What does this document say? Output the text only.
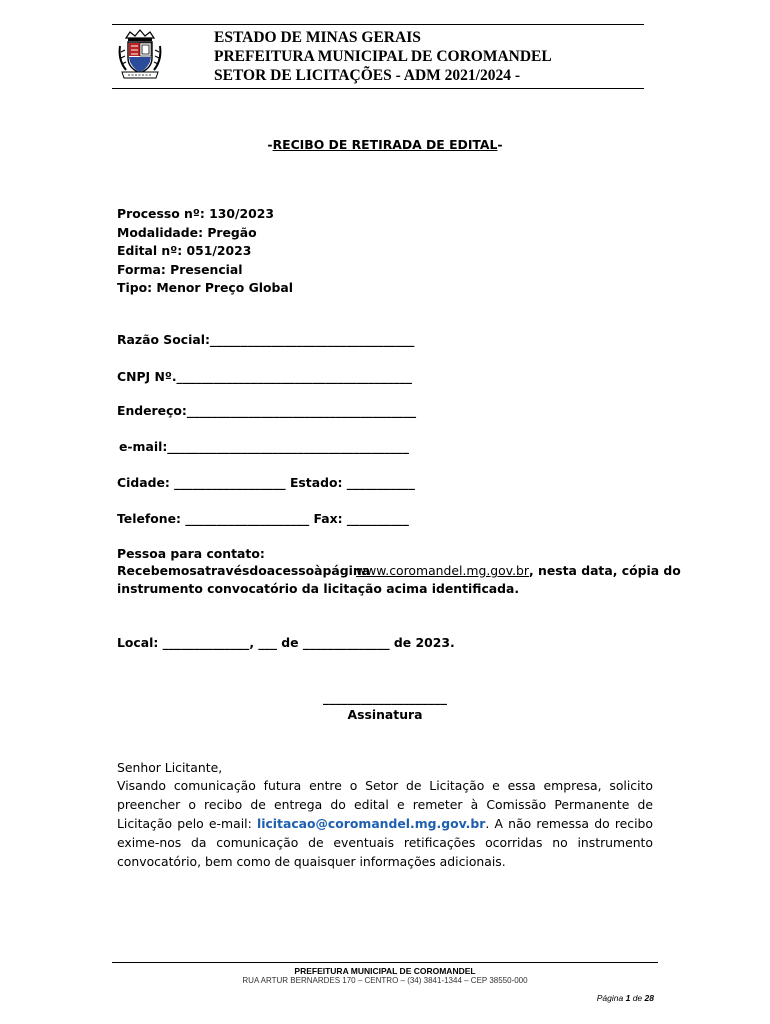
ESTADO DE MINAS GERAIS
PREFEITURA MUNICIPAL DE COROMANDEL
SETOR DE LICITAÇÕES - ADM 2021/2024 -
-RECIBO DE RETIRADA DE EDITAL-
Processo nº: 130/2023
Modalidade: Pregão
Edital nº: 051/2023
Forma: Presencial
Tipo: Menor Preço Global
Razão Social:_________________________________
CNPJ Nº.______________________________________
Endereço:_____________________________________
e-mail:_______________________________________
Cidade: __________________ Estado: ___________
Telefone: ____________________ Fax: __________
Pessoa para contato:
Recebemos através do acesso à página
www.coromandel.mg.gov.br, nesta data, cópia do
instrumento convocatório da licitação acima identificada.
Local: ______________, ___ de ______________ de 2023.
____________________
Assinatura
Senhor Licitante,
Visando comunicação futura entre o Setor de Licitação e essa empresa, solicito preencher o recibo de entrega do edital e remeter à Comissão Permanente de Licitação pelo e-mail: licitacao@coromandel.mg.gov.br. A não remessa do recibo exime-nos da comunicação de eventuais retificações ocorridas no instrumento convocatório, bem como de quaisquer informações adicionais.
PREFEITURA MUNICIPAL DE COROMANDEL
RUA ARTUR BERNARDES 170 – CENTRO – (34) 3841-1344 – CEP 38550-000
Página 1 de 28
